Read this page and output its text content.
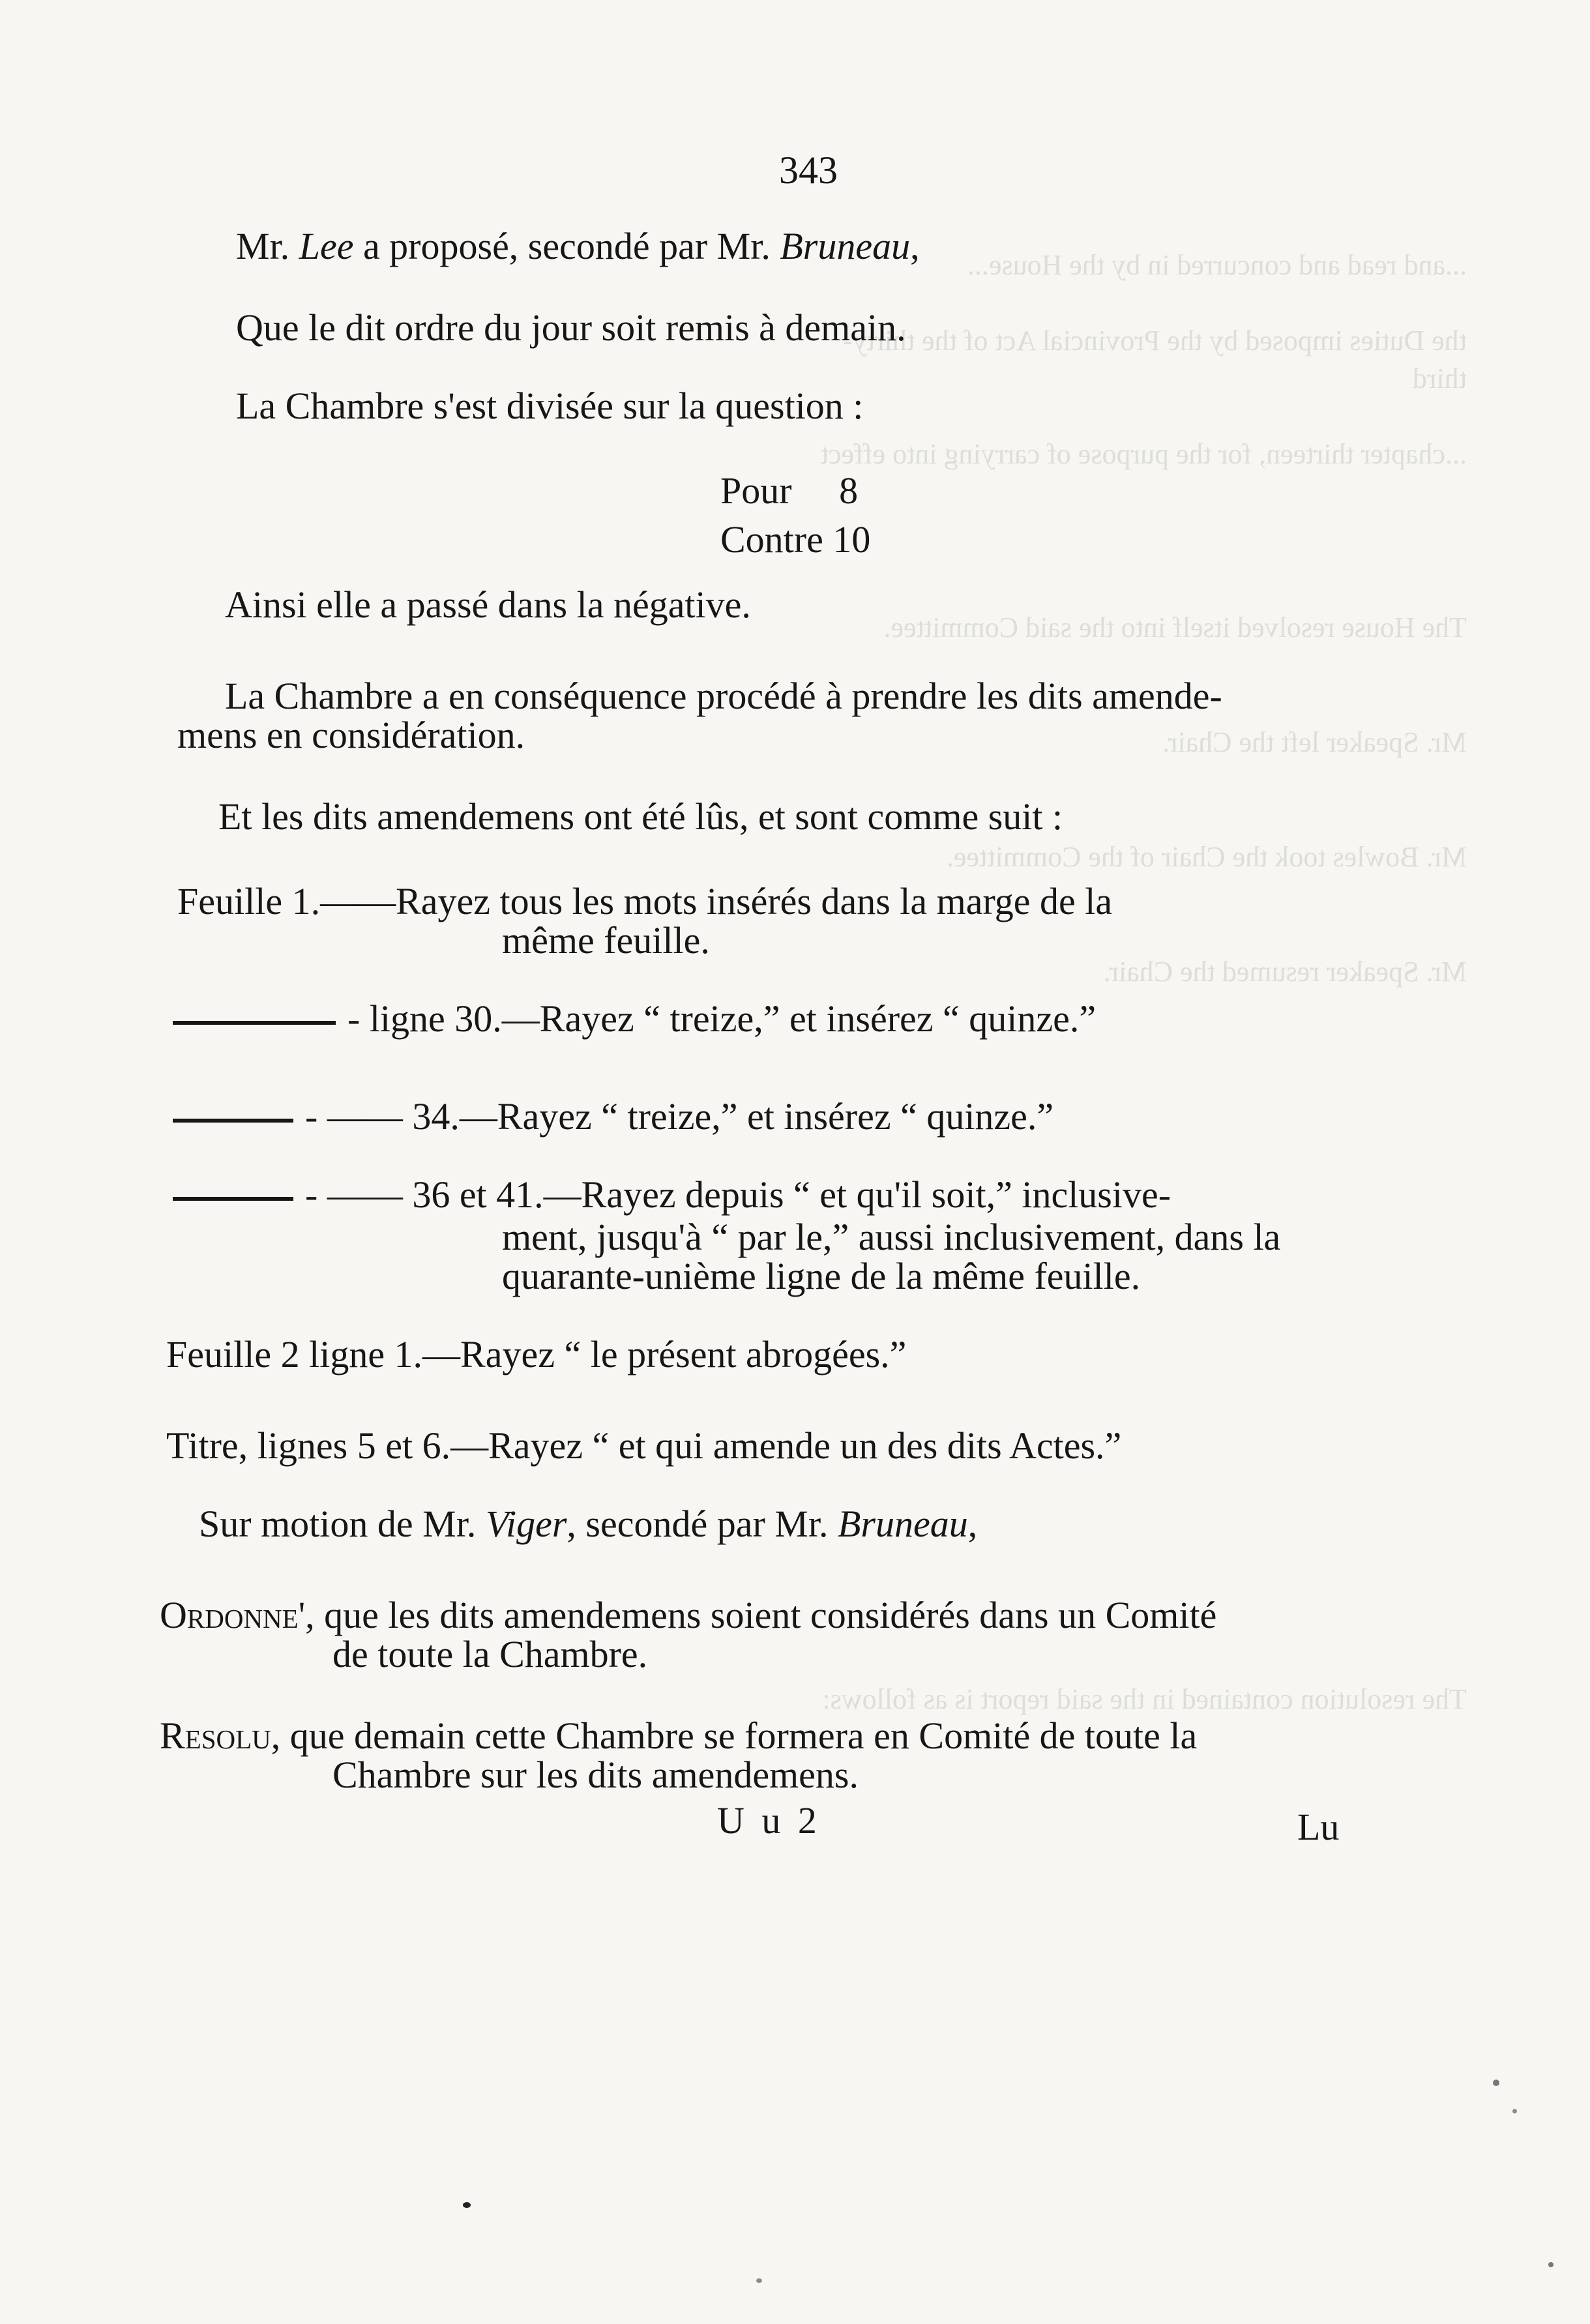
...and read and concurred in by the House...

the Duties imposed by the Provincial Act of the thirty-third

...chapter thirteen, for the purpose of carrying into effect

The House resolved itself into the said Committee.

Mr. Speaker left the Chair.

Mr. Bowles took the Chair of the Committee.

Mr. Speaker resumed the Chair.

The resolution contained in the said report is as follows:

343
Mr. Lee a proposé, secondé par Mr. Bruneau,
Que le dit ordre du jour soit remis à demain.
La Chambre s'est divisée sur la question :
Pour     8
Contre 10
Ainsi elle a passé dans la négative.
La Chambre a en conséquence procédé à prendre les dits amende-
mens en considération.
Et les dits amendemens ont été lûs, et sont comme suit :
Feuille 1.——Rayez tous les mots insérés dans la marge de la
même feuille.
- ligne 30.—Rayez “ treize,” et insérez “ quinze.”
- —— 34.—Rayez “ treize,” et insérez “ quinze.”
- —— 36 et 41.—Rayez depuis “ et qu'il soit,” inclusive-
ment, jusqu'à “ par le,” aussi inclusivement, dans la
quarante-unième ligne de la même feuille.
Feuille 2 ligne 1.—Rayez “ le présent abrogées.”
Titre, lignes 5 et 6.—Rayez “ et qui amende un des dits Actes.”
Sur motion de Mr. Viger, secondé par Mr. Bruneau,
Ordonne', que les dits amendemens soient considérés dans un Comité
de toute la Chambre.
Resolu, que demain cette Chambre se formera en Comité de toute la
Chambre sur les dits amendemens.
U u 2	Lu
